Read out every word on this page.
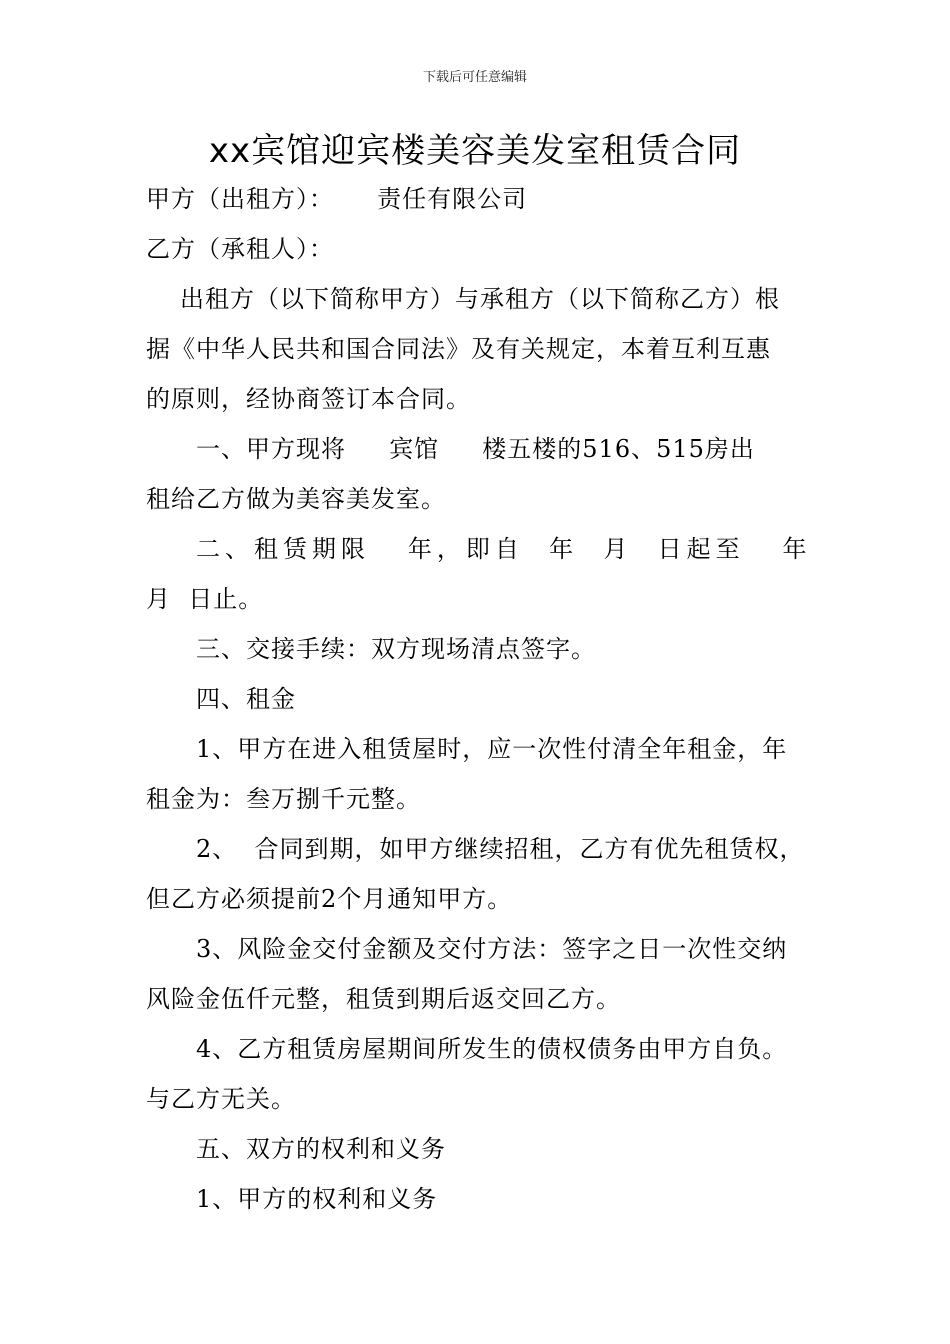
下载后可任意编辑
xx宾馆迎宾楼美容美发室租赁合同
甲方（出租方）：     责任有限公司
乙方（承租人）：
出租方（以下简称甲方）与承租方（以下简称乙方）根
据《中华人民共和国合同法》及有关规定，本着互利互惠
的原则，经协商签订本合同。
一、甲方现将     宾馆     楼五楼的516、515房出
租给乙方做为美容美发室。
二、租赁期限   年，即自  年  月  日起至   年
月  日止。
三、交接手续：双方现场清点签字。
四、租金
1、甲方在进入租赁屋时，应一次性付清全年租金，年
租金为：叁万捌千元整。
2、  合同到期，如甲方继续招租，乙方有优先租赁权，
但乙方必须提前2个月通知甲方。
3、风险金交付金额及交付方法：签字之日一次性交纳
风险金伍仟元整，租赁到期后返交回乙方。
4、乙方租赁房屋期间所发生的债权债务由甲方自负。
与乙方无关。
五、双方的权利和义务
1、甲方的权利和义务
